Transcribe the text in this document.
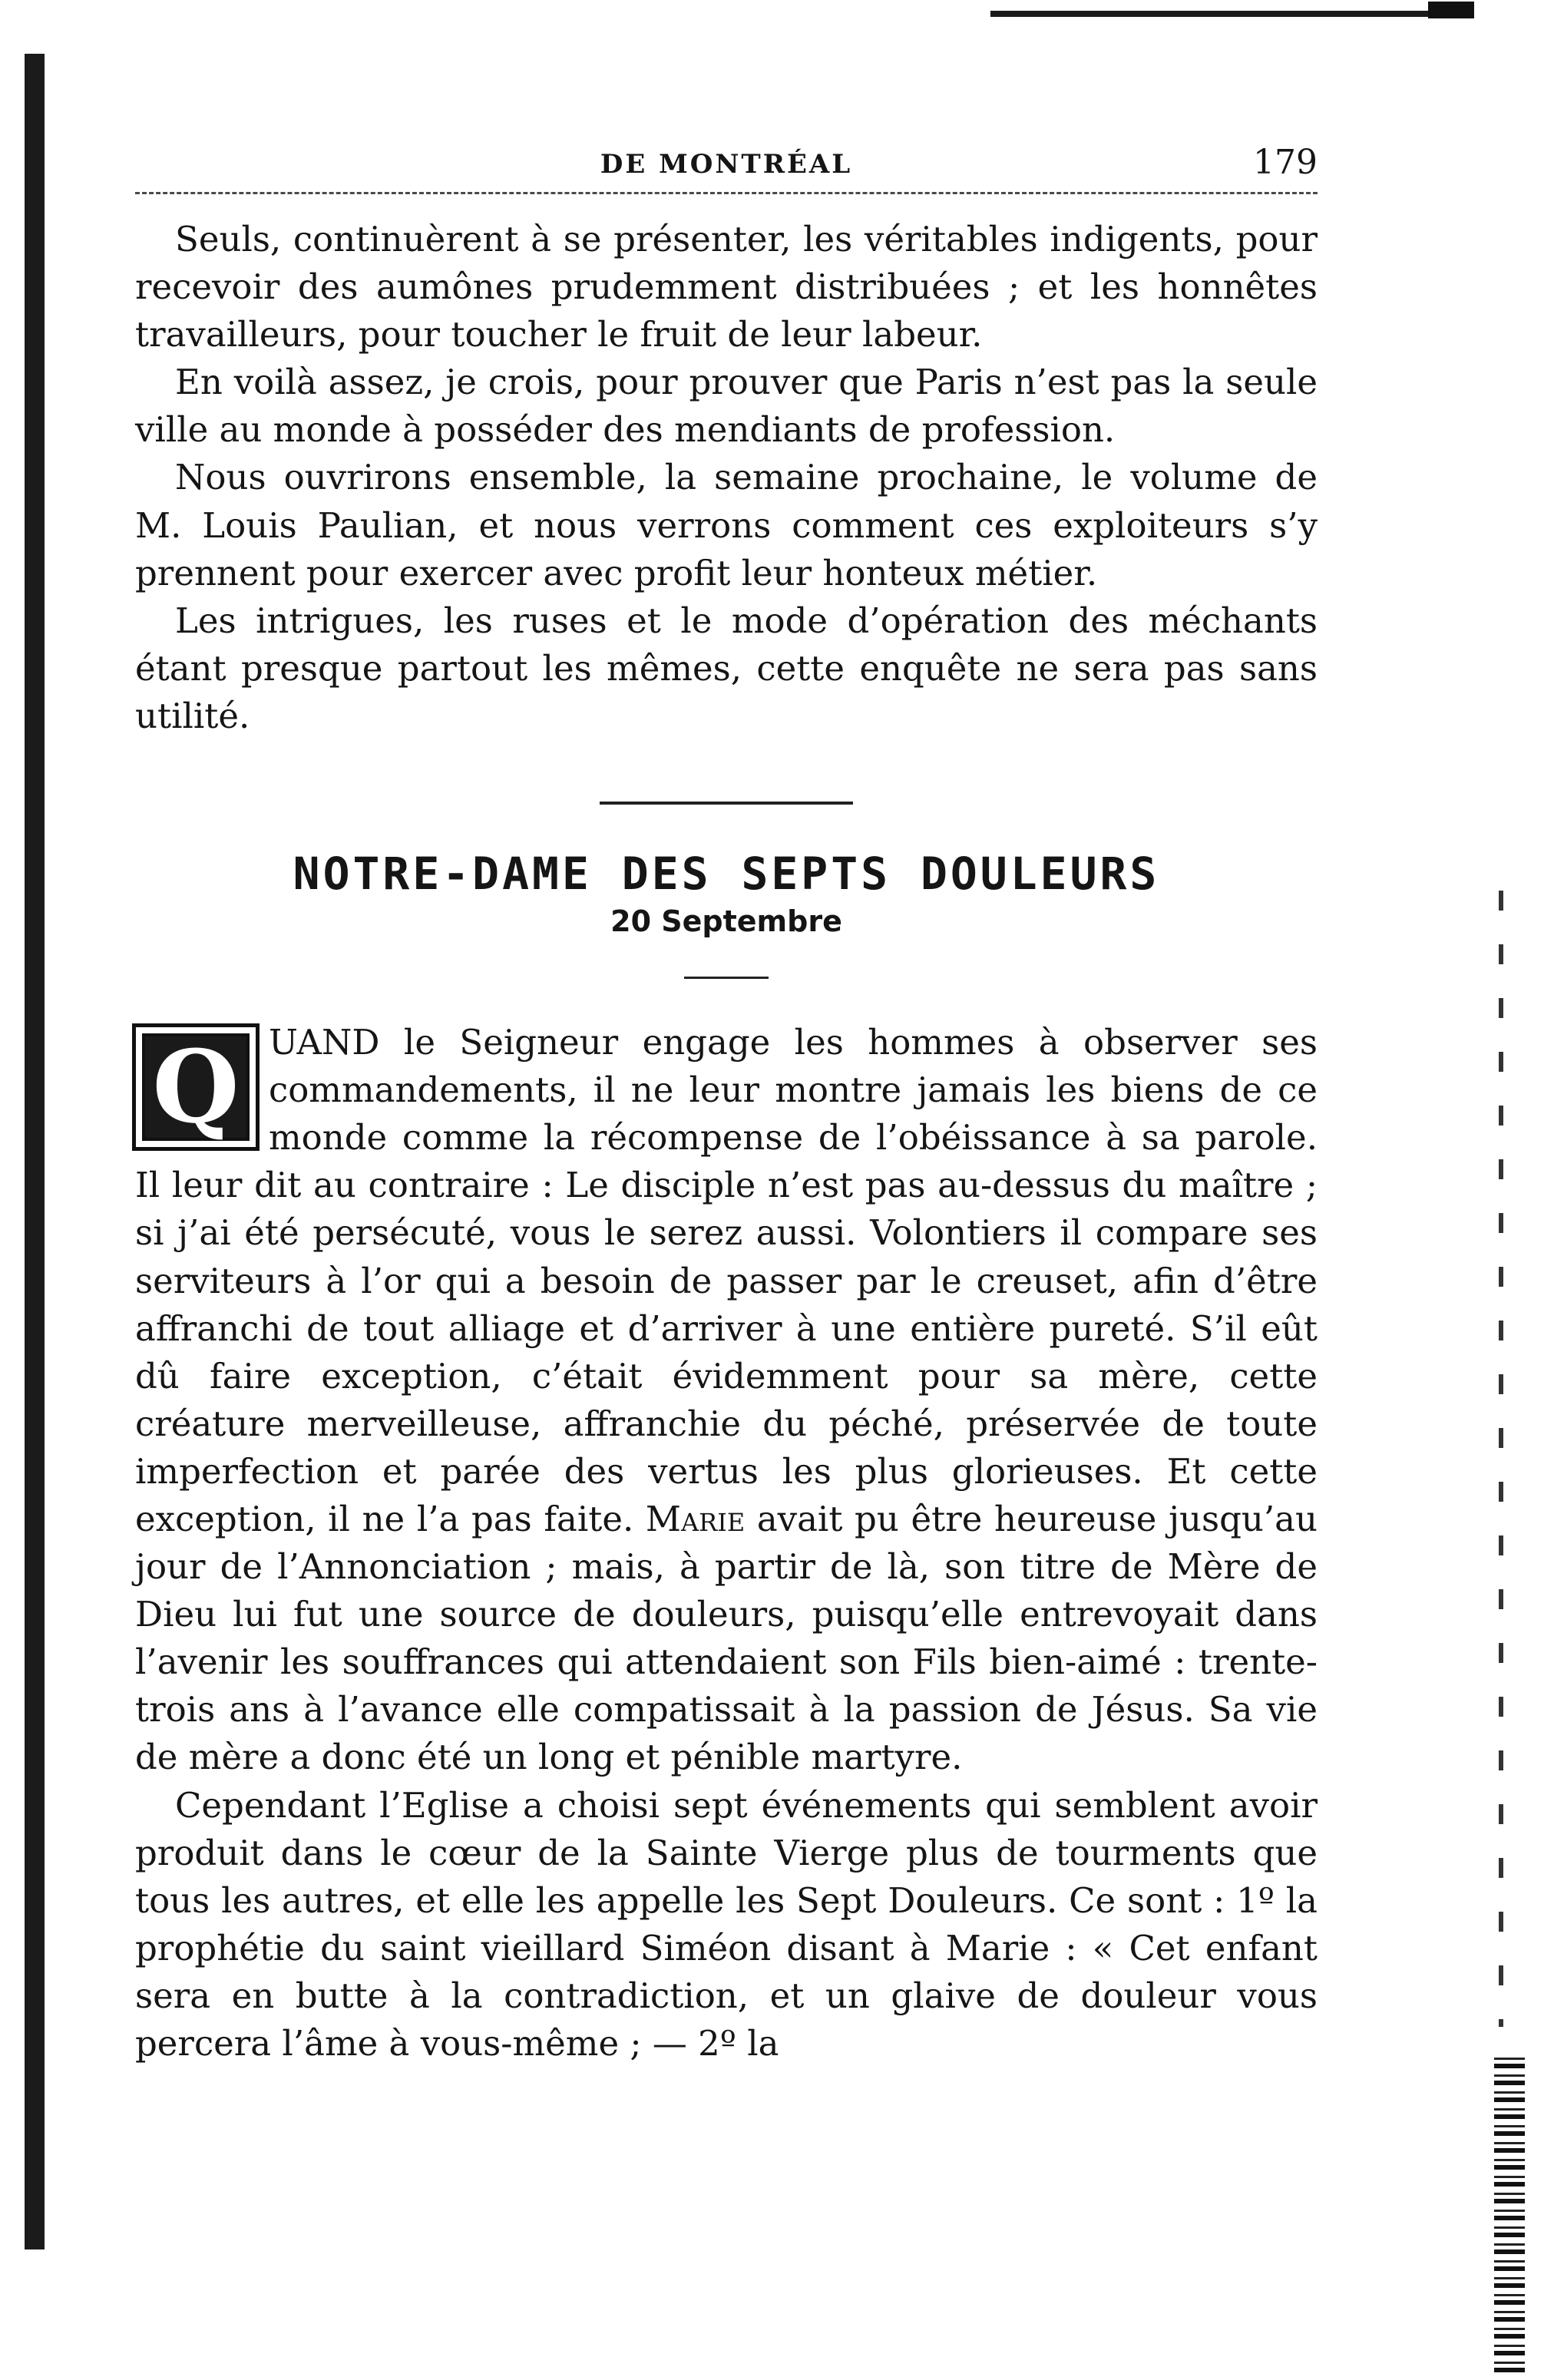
DE MONTRÉAL	179

Seuls, continuèrent à se présenter, les véritables indigents, pour recevoir des aumônes prudemment distribuées ; et les honnêtes travailleurs, pour toucher le fruit de leur labeur.

En voilà assez, je crois, pour prouver que Paris n’est pas la seule ville au monde à posséder des mendiants de profession.

Nous ouvrirons ensemble, la semaine prochaine, le volume de M. Louis Paulian, et nous verrons comment ces exploiteurs s’y prennent pour exercer avec profit leur honteux métier.

Les intrigues, les ruses et le mode d’opération des méchants étant presque partout les mêmes, cette enquête ne sera pas sans utilité.

NOTRE-DAME DES SEPTS DOULEURS
20 Septembre

Q UAND le Seigneur engage les hommes à observer ses commandements, il ne leur montre jamais les biens de ce monde comme la récompense de l’obéissance à sa parole. Il leur dit au contraire : Le disciple n’est pas au-dessus du maître ; si j’ai été persécuté, vous le serez aussi. Volontiers il compare ses serviteurs à l’or qui a besoin de passer par le creuset, afin d’être affranchi de tout alliage et d’arriver à une entière pureté. S’il eût dû faire exception, c’était évidemment pour sa mère, cette créature merveilleuse, affranchie du péché, préservée de toute imperfection et parée des vertus les plus glorieuses. Et cette exception, il ne l’a pas faite. Marie avait pu être heureuse jusqu’au jour de l’Annonciation ; mais, à partir de là, son titre de Mère de Dieu lui fut une source de douleurs, puisqu’elle entrevoyait dans l’avenir les souffrances qui attendaient son Fils bien-aimé : trente-trois ans à l’avance elle compatissait à la passion de Jésus. Sa vie de mère a donc été un long et pénible martyre.

Cependant l’Eglise a choisi sept événements qui semblent avoir produit dans le cœur de la Sainte Vierge plus de tourments que tous les autres, et elle les appelle les Sept Douleurs. Ce sont : 1º la prophétie du saint vieillard Siméon disant à Marie : « Cet enfant sera en butte à la contradiction, et un glaive de douleur vous percera l’âme à vous-même ; — 2º la
